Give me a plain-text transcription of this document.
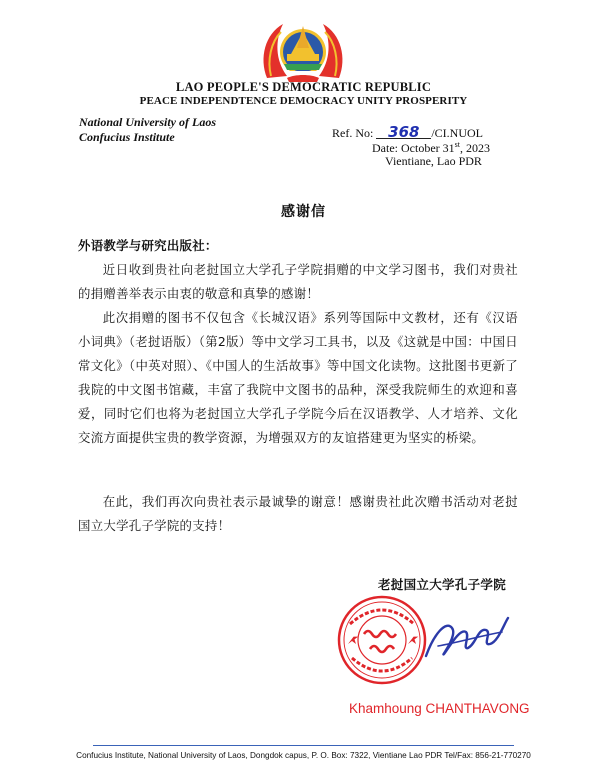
LAO PEOPLE'S DEMOCRATIC REPUBLIC
PEACE INDEPENDTENCE DEMOCRACY UNITY PROSPERITY
National University of Laos
Confucius Institute	Ref. No: 368 /CI.NUOL
Date: October 31st, 2023
Vientiane, Lao PDR
感谢信
外语教学与研究出版社：

近日收到贵社向老挝国立大学孔子学院捐赠的中文学习图书，我们对贵社的捐赠善举表示由衷的敬意和真挚的感谢！

此次捐赠的图书不仅包含《长城汉语》系列等国际中文教材，还有《汉语小词典》（老挝语版）（第2版）等中文学习工具书，以及《这就是中国：中国日常文化》（中英对照）、《中国人的生活故事》等中国文化读物。这批图书更新了我院的中文图书馆藏，丰富了我院中文图书的品种，深受我院师生的欢迎和喜爱，同时它们也将为老挝国立大学孔子学院今后在汉语教学、人才培养、文化交流方面提供宝贵的教学资源，为增强双方的友谊搭建更为坚实的桥梁。

在此，我们再次向贵社表示最诚挚的谢意！感谢贵社此次赠书活动对老挝国立大学孔子学院的支持！

老挝国立大学孔子学院
Khamhoung CHANTHAVONG
Confucius Institute, National University of Laos, Dongdok capus, P. O. Box: 7322, Vientiane Lao PDR Tel/Fax: 856-21-770270
